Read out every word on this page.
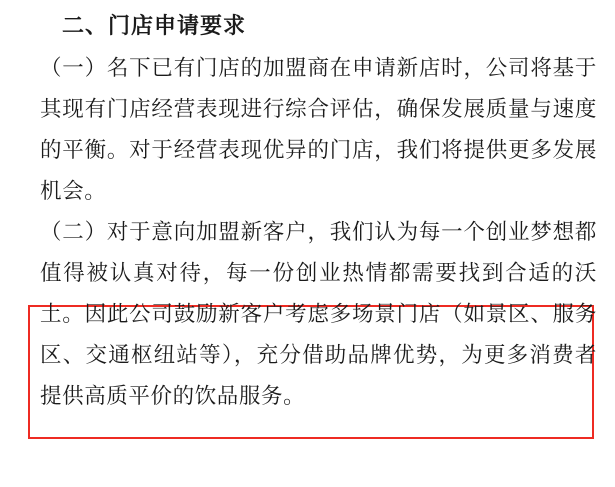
二、门店申请要求

（一）名下已有门店的加盟商在申请新店时，公司将基于其现有门店经营表现进行综合评估，确保发展质量与速度的平衡。对于经营表现优异的门店，我们将提供更多发展机会。

（二）对于意向加盟新客户，我们认为每一个创业梦想都值得被认真对待，每一份创业热情都需要找到合适的沃土。因此公司鼓励新客户考虑多场景门店（如景区、服务区、交通枢纽站等），充分借助品牌优势，为更多消费者提供高质平价的饮品服务。
